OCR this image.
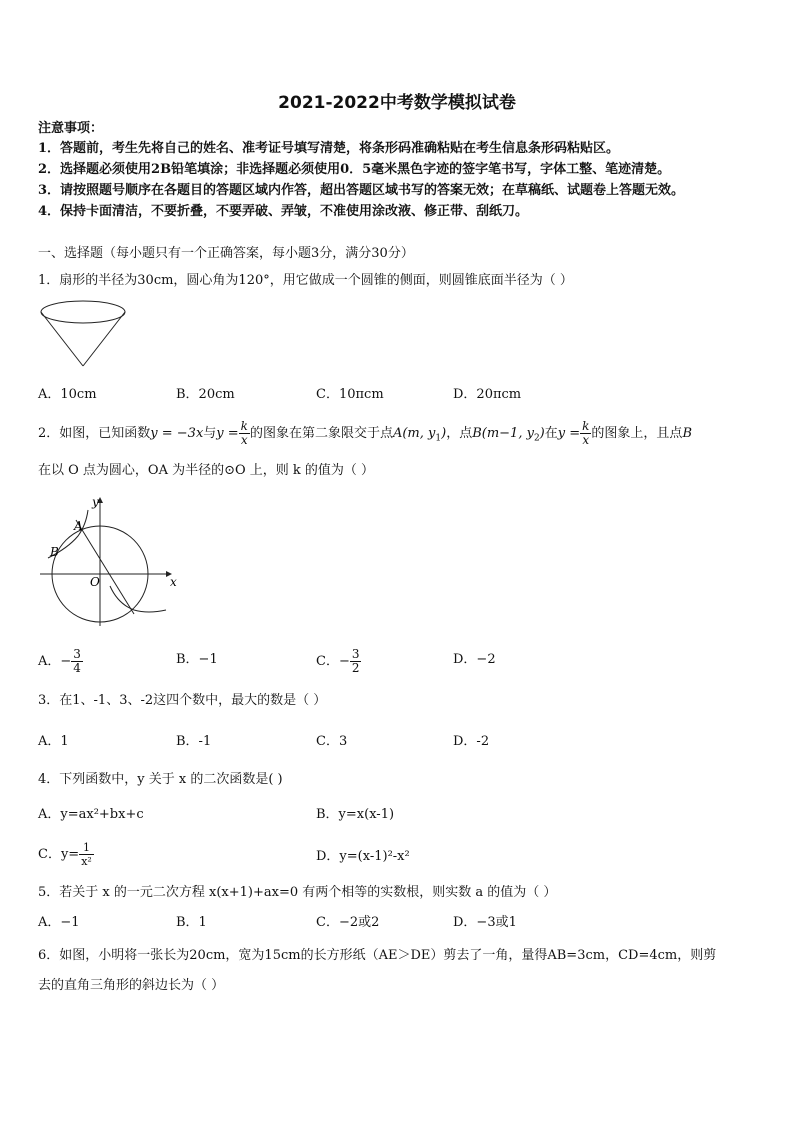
2021-2022中考数学模拟试卷
注意事项：
1．答题前，考生先将自己的姓名、准考证号填写清楚，将条形码准确粘贴在考生信息条形码粘贴区。
2．选择题必须使用2B铅笔填涂；非选择题必须使用0．5毫米黑色字迹的签字笔书写，字体工整、笔迹清楚。
3．请按照题号顺序在各题目的答题区域内作答，超出答题区域书写的答案无效；在草稿纸、试题卷上答题无效。
4．保持卡面清洁，不要折叠，不要弄破、弄皱，不准使用涂改液、修正带、刮纸刀。
一、选择题（每小题只有一个正确答案，每小题3分，满分30分）
1．扇形的半径为30cm，圆心角为120°，用它做成一个圆锥的侧面，则圆锥底面半径为（ ）
A．10cm	B．20cm	C．10πcm	D．20πcm
2．如图，已知函数y = −3x与$y = \frac{k}{x}$ 的图象在第二象限交于点A(m, $y_1$)，点B(m−1, $y_2$)在$y = \frac{k}{x}$ 的图象上，且点B
在以 O 点为圆心，OA 为半径的⊙O 上，则 k 的值为（ ）
y
x
A
B
O
A．− $\frac{3}{4}$	B．−1	C．− $\frac{3}{2}$	D．−2
3．在1、-1、3、-2这四个数中，最大的数是（ ）
A．1	B．-1	C．3	D．-2
4．下列函数中，y 关于 x 的二次函数是( )
A．y=ax²+bx+c	B．y=x(x-1)
C．$y= \frac{1}{\text{x²}}$	D．y=(x-1)²-x²
5．若关于 x 的一元二次方程 x(x+1)+ax=0 有两个相等的实数根，则实数 a 的值为（ ）
A．−1	B．1	C．−2或2	D．−3或1
6．如图，小明将一张长为20cm，宽为15cm的长方形纸（AE＞DE）剪去了一角，量得AB=3cm，CD=4cm，则剪
去的直角三角形的斜边长为（ ）
